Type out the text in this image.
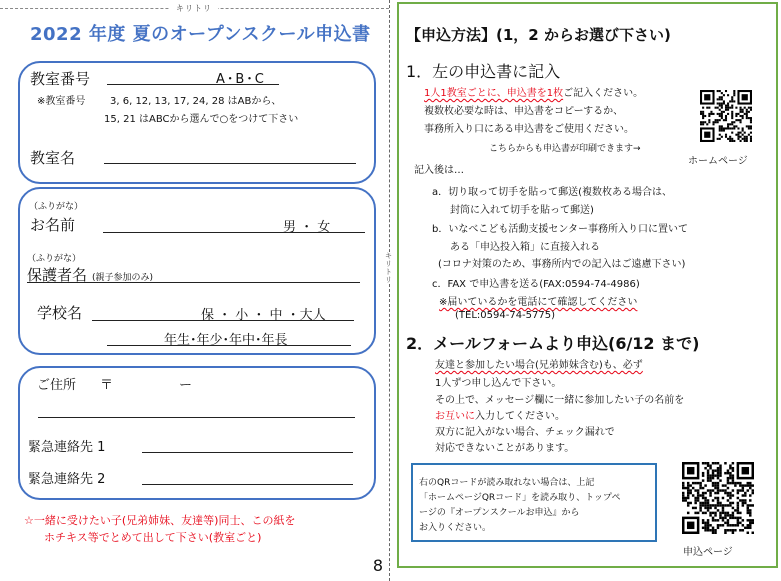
キリトリ
キリトリ
2022 年度 夏のオープンスクール申込書
教室番号	A･B･C
※教室番号 3, 6, 12, 13, 17, 24, 28 はABから、
15, 21 はABCから選んで○をつけて下さい
教室名
（ふりがな）
お名前	男 ・ 女
（ふりがな）
保護者名 (親子参加のみ)
学校名	保 ・ 小 ・ 中 ・大人
年生･年少･年中･年長
ご住所 〒	ー
緊急連絡先 1
緊急連絡先 2
☆一緒に受けたい子(兄弟姉妹、友達等)同士、この紙を
ホチキス等でとめて出して下さい(教室ごと)
8
【申込方法】(1，2 からお選び下さい)
1．左の申込書に記入
1人1教室ごとに、申込書を1枚ご記入ください。
複数枚必要な時は、申込書をコピーするか、
事務所入り口にある申込書をご使用ください。
こちらからも申込書が印刷できます→
ホームページ
記入後は…
a．切り取って切手を貼って郵送(複数枚ある場合は、
封筒に入れて切手を貼って郵送)
b．いなべこども活動支援センター事務所入り口に置いて
ある「申込投入箱」に直接入れる
(コロナ対策のため、事務所内での記入はご遠慮下さい)
c．FAX で申込書を送る(FAX:0594-74-4986)
※届いているかを電話にて確認してください
(TEL:0594-74-5775)
2．メールフォームより申込(6/12 まで)
友達と参加したい場合(兄弟姉妹含む)も、必ず
1人ずつ申し込んで下さい。
その上で、メッセージ欄に一緒に参加したい子の名前を
お互いに入力してください。
双方に記入がない場合、チェック漏れで
対応できないことがあります。
右のQRコードが読み取れない場合は、上記
「ホームページQRコード」を読み取り、トップペ
ージの『オープンスクールお申込』から
お入りください。
申込ページ
